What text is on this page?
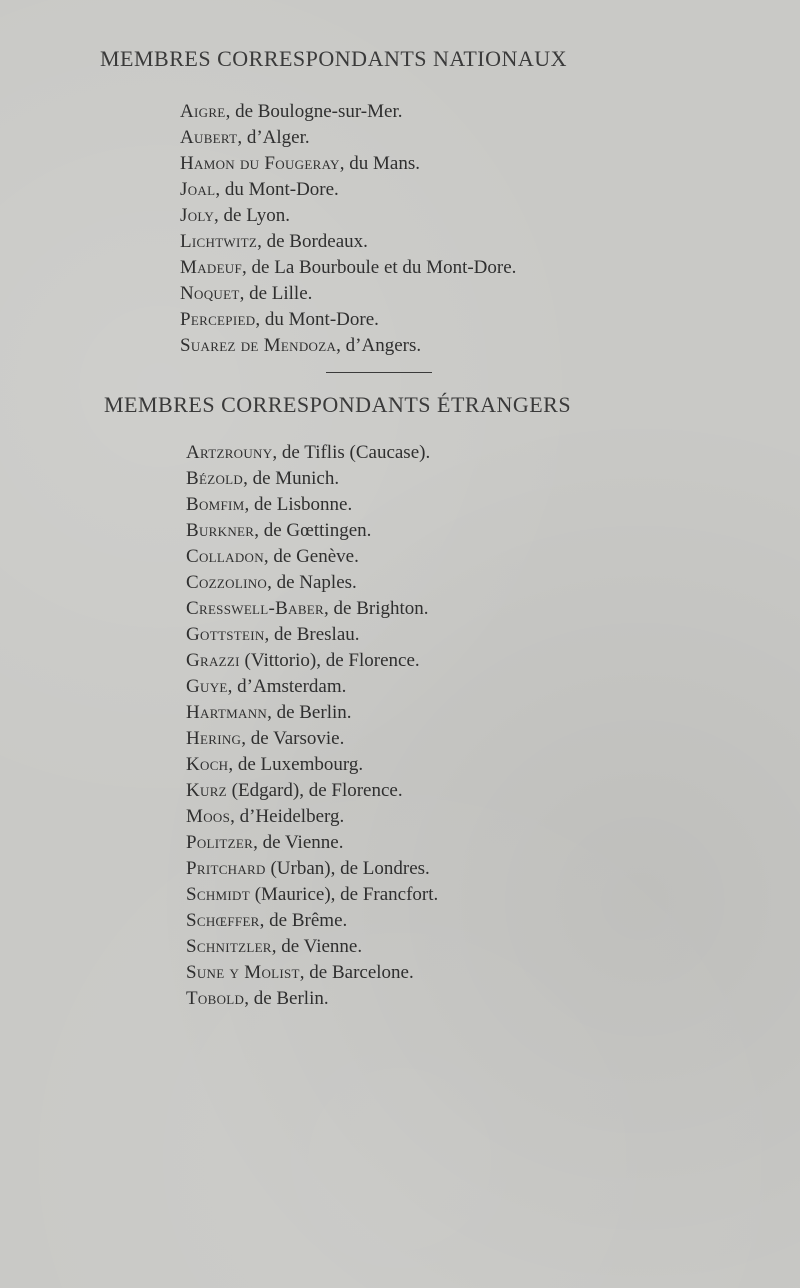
MEMBRES CORRESPONDANTS NATIONAUX
Aigre, de Boulogne-sur-Mer.
Aubert, d’Alger.
Hamon du Fougeray, du Mans.
Joal, du Mont-Dore.
Joly, de Lyon.
Lichtwitz, de Bordeaux.
Madeuf, de La Bourboule et du Mont-Dore.
Noquet, de Lille.
Percepied, du Mont-Dore.
Suarez de Mendoza, d’Angers.
MEMBRES CORRESPONDANTS ÉTRANGERS
Artzrouny, de Tiflis (Caucase).
Bézold, de Munich.
Bomfim, de Lisbonne.
Burkner, de Gœttingen.
Colladon, de Genève.
Cozzolino, de Naples.
Cresswell-Baber, de Brighton.
Gottstein, de Breslau.
Grazzi (Vittorio), de Florence.
Guye, d’Amsterdam.
Hartmann, de Berlin.
Hering, de Varsovie.
Koch, de Luxembourg.
Kurz (Edgard), de Florence.
Moos, d’Heidelberg.
Politzer, de Vienne.
Pritchard (Urban), de Londres.
Schmidt (Maurice), de Francfort.
Schœffer, de Brême.
Schnitzler, de Vienne.
Sune y Molist, de Barcelone.
Tobold, de Berlin.
